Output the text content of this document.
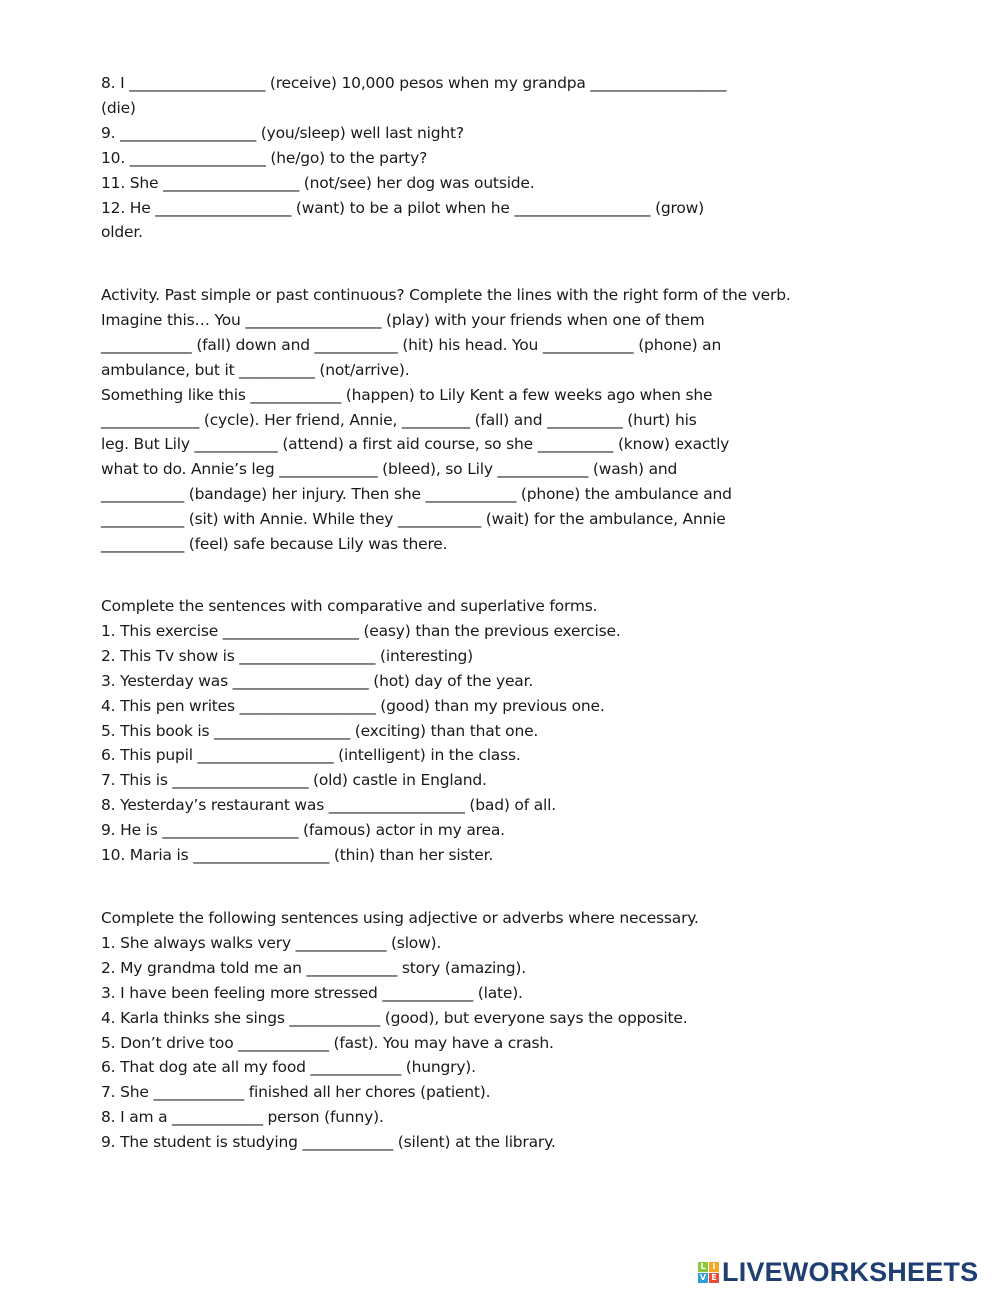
8. I __________________ (receive) 10,000 pesos when my grandpa __________________
(die)
9. __________________ (you/sleep) well last night?
10. __________________ (he/go) to the party?
11. She __________________ (not/see) her dog was outside.
12. He __________________ (want) to be a pilot when he __________________ (grow)
older.
Activity. Past simple or past continuous? Complete the lines with the right form of the verb.
Imagine this… You __________________ (play) with your friends when one of them
____________ (fall) down and ___________ (hit) his head. You ____________ (phone) an
ambulance, but it __________ (not/arrive).
Something like this ____________ (happen) to Lily Kent a few weeks ago when she
_____________ (cycle). Her friend, Annie, _________ (fall) and __________ (hurt) his
leg. But Lily ___________ (attend) a first aid course, so she __________ (know) exactly
what to do. Annie’s leg _____________ (bleed), so Lily ____________ (wash) and
___________ (bandage) her injury. Then she ____________ (phone) the ambulance and
___________ (sit) with Annie. While they ___________ (wait) for the ambulance, Annie
___________ (feel) safe because Lily was there.
Complete the sentences with comparative and superlative forms.
1. This exercise __________________ (easy) than the previous exercise.
2. This Tv show is __________________ (interesting)
3. Yesterday was __________________ (hot) day of the year.
4. This pen writes __________________ (good) than my previous one.
5. This book is __________________ (exciting) than that one.
6. This pupil __________________ (intelligent) in the class.
7. This is __________________ (old) castle in England.
8. Yesterday’s restaurant was __________________ (bad) of all.
9. He is __________________ (famous) actor in my area.
10. Maria is __________________ (thin) than her sister.
Complete the following sentences using adjective or adverbs where necessary.
1. She always walks very ____________ (slow).
2. My grandma told me an ____________ story (amazing).
3. I have been feeling more stressed ____________ (late).
4. Karla thinks she sings ____________ (good), but everyone says the opposite.
5. Don’t drive too ____________ (fast). You may have a crash.
6. That dog ate all my food ____________ (hungry).
7. She ____________ finished all her chores (patient).
8. I am a ____________ person (funny).
9. The student is studying ____________ (silent) at the library.
L I
V E LIVEWORKSHEETS
